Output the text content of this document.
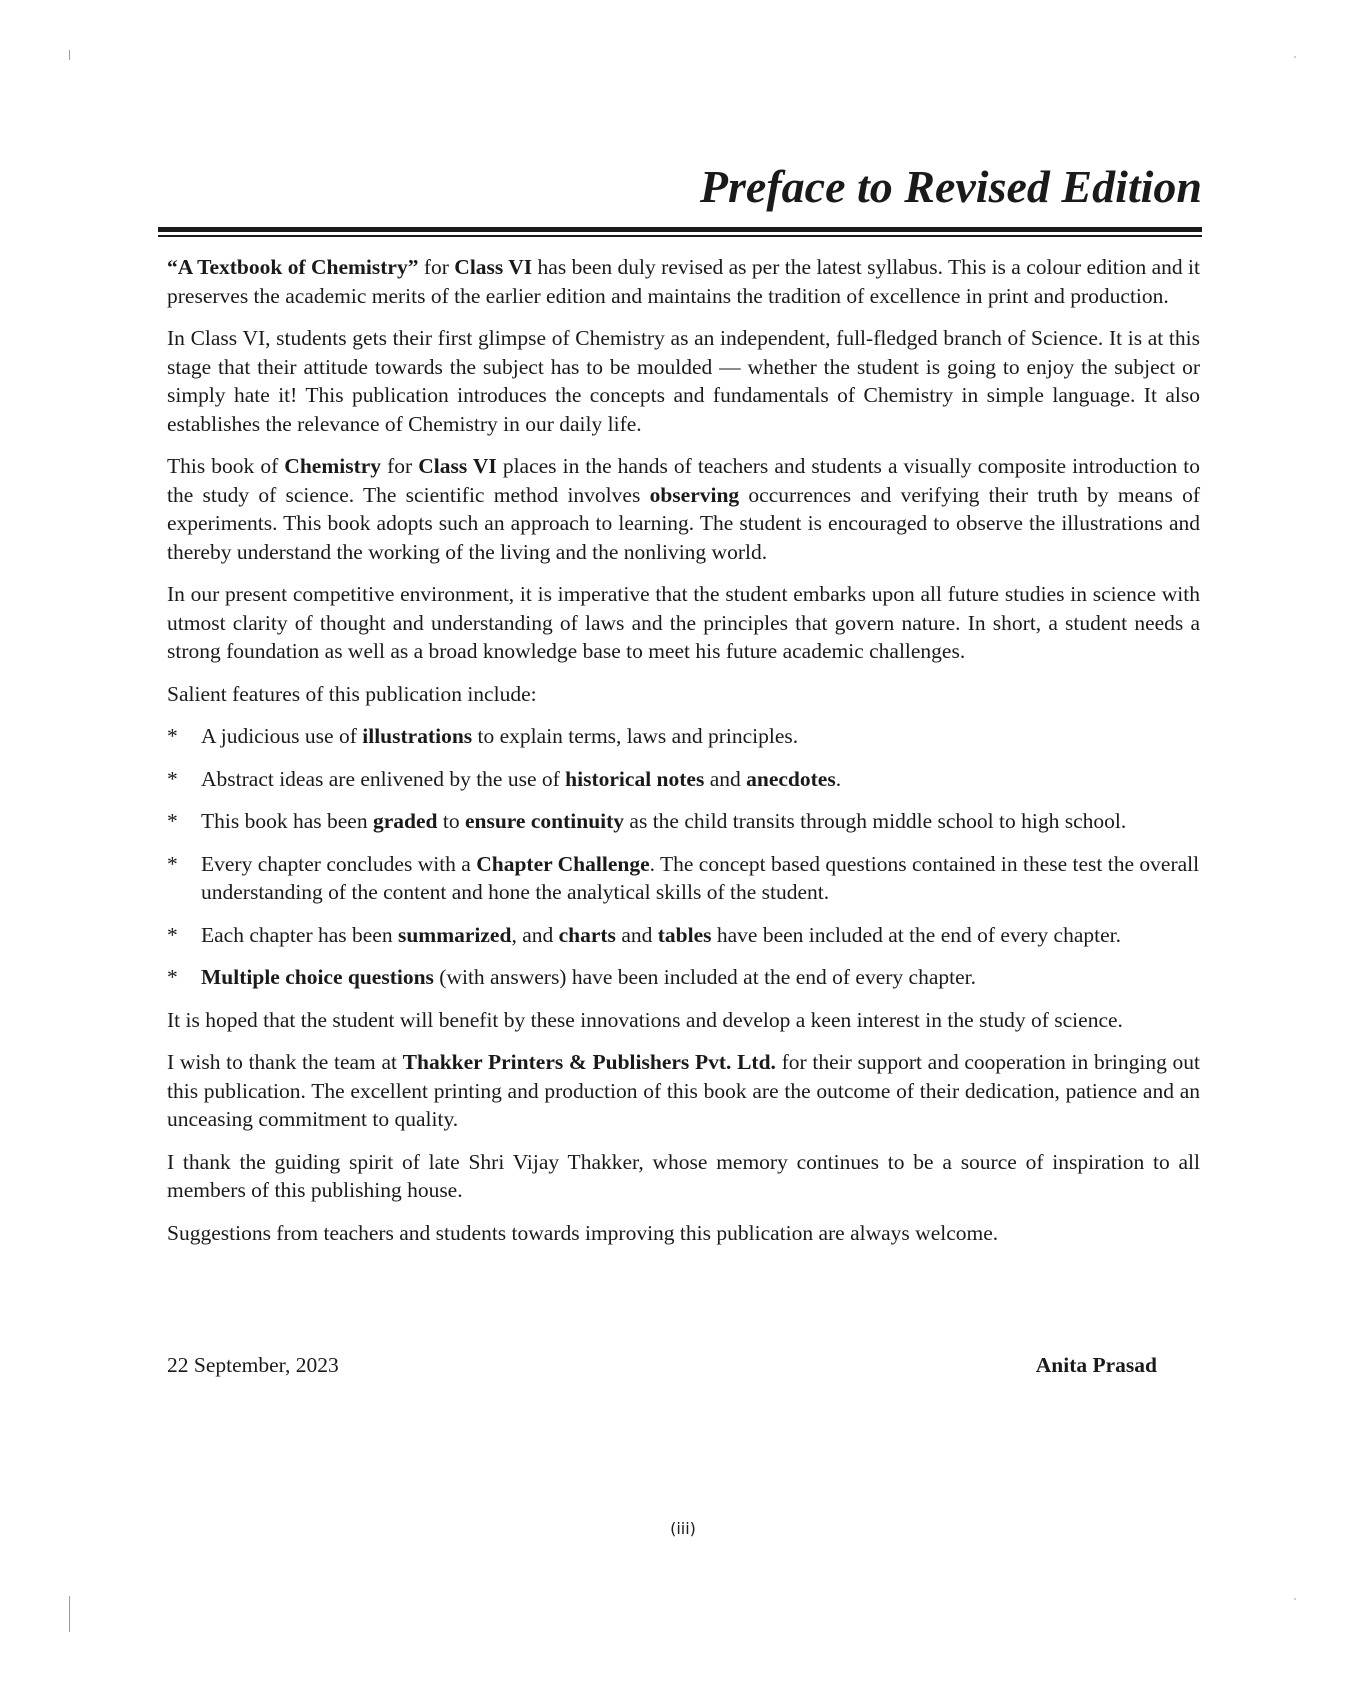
Preface to Revised Edition

“A Textbook of Chemistry” for Class VI has been duly revised as per the latest syllabus. This is a colour edition and it preserves the academic merits of the earlier edition and maintains the tradition of excellence in print and production.

In Class VI, students gets their first glimpse of Chemistry as an independent, full-fledged branch of Science. It is at this stage that their attitude towards the subject has to be moulded — whether the student is going to enjoy the subject or simply hate it! This publication introduces the concepts and fundamentals of Chemistry in simple language. It also establishes the relevance of Chemistry in our daily life.

This book of Chemistry for Class VI places in the hands of teachers and students a visually composite introduction to the study of science. The scientific method involves observing occurrences and verifying their truth by means of experiments. This book adopts such an approach to learning. The student is encouraged to observe the illustrations and thereby understand the working of the living and the nonliving world.

In our present competitive environment, it is imperative that the student embarks upon all future studies in science with utmost clarity of thought and understanding of laws and the principles that govern nature. In short, a student needs a strong foundation as well as a broad knowledge base to meet his future academic challenges.

Salient features of this publication include:

* A judicious use of illustrations to explain terms, laws and principles.
* Abstract ideas are enlivened by the use of historical notes and anecdotes.
* This book has been graded to ensure continuity as the child transits through middle school to high school.
* Every chapter concludes with a Chapter Challenge. The concept based questions contained in these test the overall understanding of the content and hone the analytical skills of the student.
* Each chapter has been summarized, and charts and tables have been included at the end of every chapter.
* Multiple choice questions (with answers) have been included at the end of every chapter.

It is hoped that the student will benefit by these innovations and develop a keen interest in the study of science.

I wish to thank the team at Thakker Printers & Publishers Pvt. Ltd. for their support and cooperation in bringing out this publication. The excellent printing and production of this book are the outcome of their dedication, patience and an unceasing commitment to quality.

I thank the guiding spirit of late Shri Vijay Thakker, whose memory continues to be a source of inspiration to all members of this publishing house.

Suggestions from teachers and students towards improving this publication are always welcome.

22 September, 2023	Anita Prasad
(iii)
